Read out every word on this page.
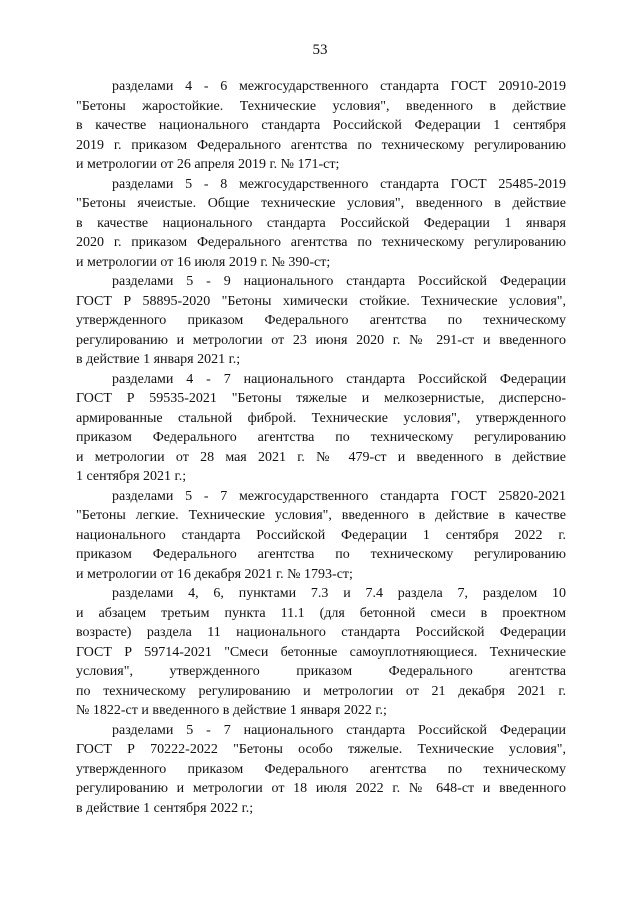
53

разделами 4 - 6 межгосударственного стандарта ГОСТ 20910-2019
"Бетоны жаростойкие. Технические условия", введенного в действие
в качестве национального стандарта Российской Федерации 1 сентября
2019 г. приказом Федерального агентства по техническому регулированию
и метрологии от 26 апреля 2019 г. № 171-ст;

разделами 5 - 8 межгосударственного стандарта ГОСТ 25485-2019
"Бетоны ячеистые. Общие технические условия", введенного в действие
в качестве национального стандарта Российской Федерации 1 января
2020 г. приказом Федерального агентства по техническому регулированию
и метрологии от 16 июля 2019 г. № 390-ст;

разделами 5 - 9 национального стандарта Российской Федерации
ГОСТ Р 58895-2020 "Бетоны химически стойкие. Технические условия",
утвержденного приказом Федерального агентства по техническому
регулированию и метрологии от 23 июня 2020 г. № 291-ст и введенного
в действие 1 января 2021 г.;

разделами 4 - 7 национального стандарта Российской Федерации
ГОСТ Р 59535-2021 "Бетоны тяжелые и мелкозернистые, дисперсно-
армированные стальной фиброй. Технические условия", утвержденного
приказом Федерального агентства по техническому регулированию
и метрологии от 28 мая 2021 г. № 479-ст и введенного в действие
1 сентября 2021 г.;

разделами 5 - 7 межгосударственного стандарта ГОСТ 25820-2021
"Бетоны легкие. Технические условия", введенного в действие в качестве
национального стандарта Российской Федерации 1 сентября 2022 г.
приказом Федерального агентства по техническому регулированию
и метрологии от 16 декабря 2021 г. № 1793-ст;

разделами 4, 6, пунктами 7.3 и 7.4 раздела 7, разделом 10
и абзацем третьим пункта 11.1 (для бетонной смеси в проектном
возрасте) раздела 11 национального стандарта Российской Федерации
ГОСТ Р 59714-2021 "Смеси бетонные самоуплотняющиеся. Технические
условия", утвержденного приказом Федерального агентства
по техническому регулированию и метрологии от 21 декабря 2021 г.
№ 1822-ст и введенного в действие 1 января 2022 г.;

разделами 5 - 7 национального стандарта Российской Федерации
ГОСТ Р 70222-2022 "Бетоны особо тяжелые. Технические условия",
утвержденного приказом Федерального агентства по техническому
регулированию и метрологии от 18 июля 2022 г. № 648-ст и введенного
в действие 1 сентября 2022 г.;
